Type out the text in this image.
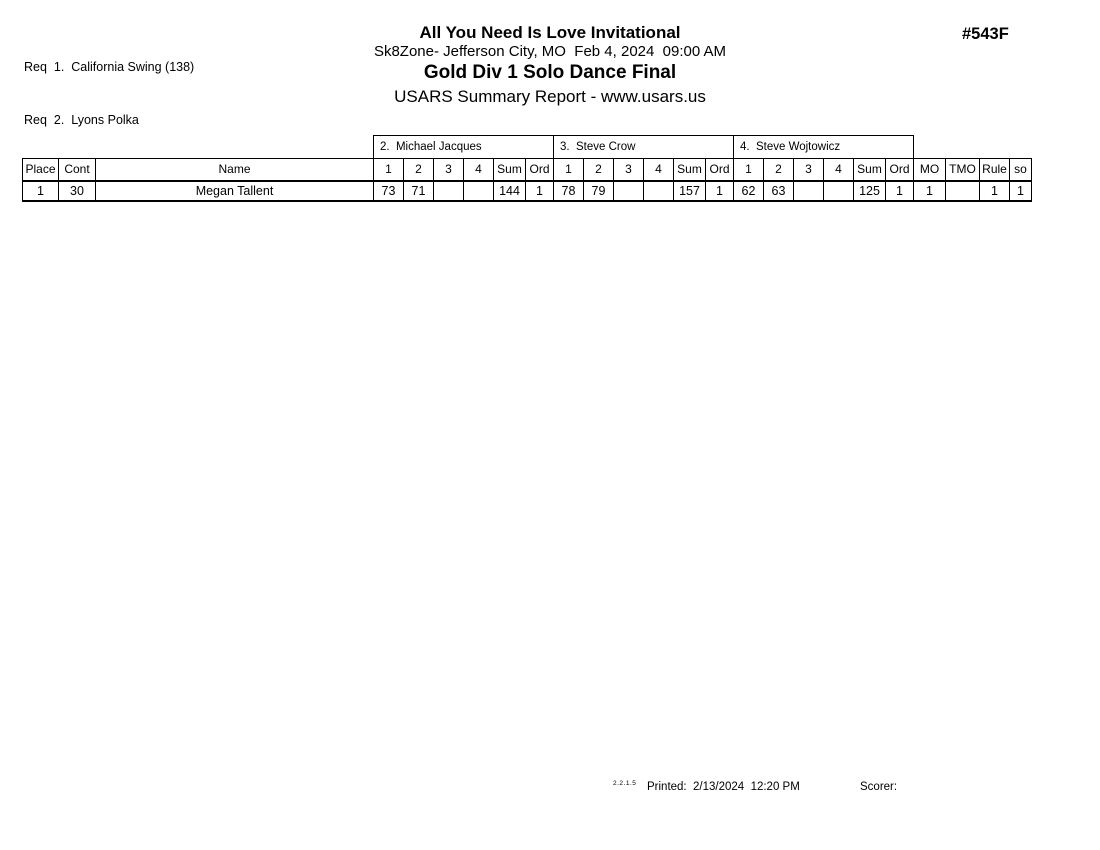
Req  1.  California Swing (138)

Req  2.  Lyons Polka

All You Need Is Love Invitational
Sk8Zone- Jefferson City, MO  Feb 4, 2024  09:00 AM
Gold Div 1 Solo Dance Final
USARS Summary Report - www.usars.us
#543F
			2.  Michael Jacques						3.  Steve Crow						4.  Steve Wojtowicz									
Place	Cont	Name	1	2	3	4	Sum	Ord	1	2	3	4	Sum	Ord	1	2	3	4	Sum	Ord	MO	TMO	Rule	so
1	30	Megan Tallent	73	71			144	1	78	79			157	1	62	63			125	1	1		1	1
2.2.1.5 Printed:  2/13/2024  12:20 PM	Scorer:
